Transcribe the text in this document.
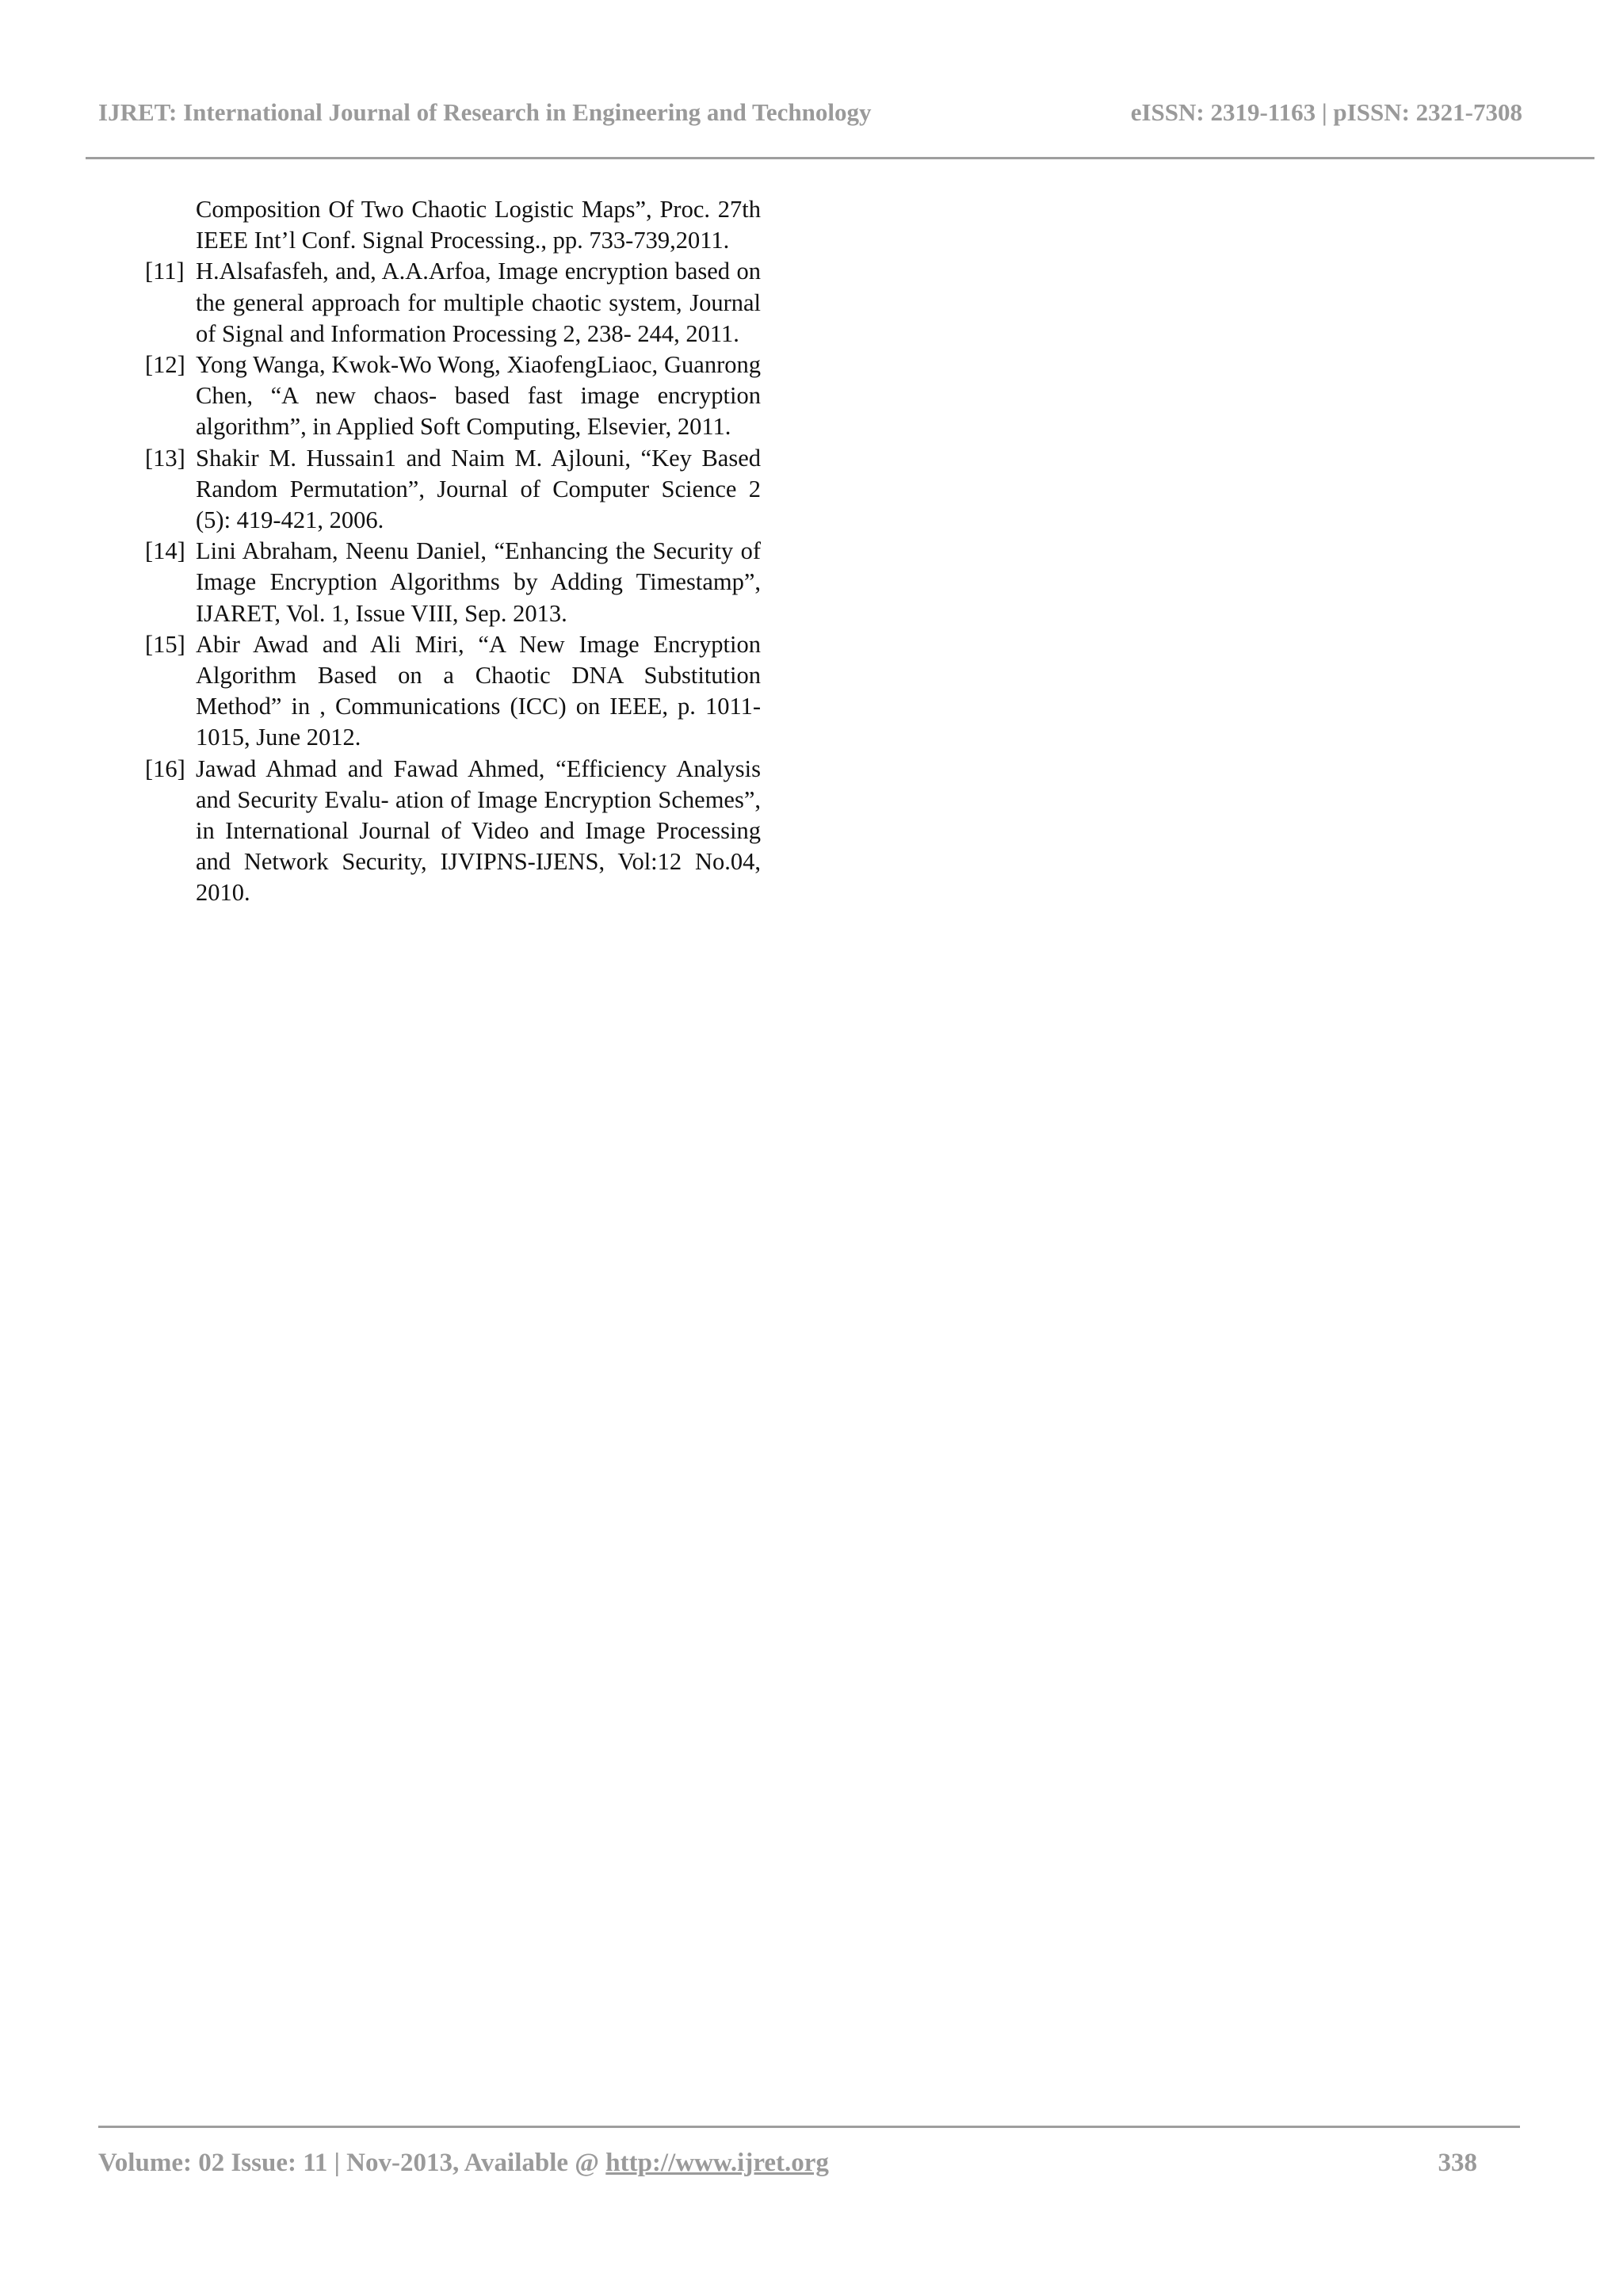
IJRET: International Journal of Research in Engineering and Technology	eISSN: 2319-1163 | pISSN: 2321-7308
Composition Of Two Chaotic Logistic Maps”, Proc. 27th IEEE Int’l Conf. Signal Processing., pp. 733-739,2011.
[11] H.Alsafasfeh, and, A.A.Arfoa, Image encryption based on the general approach for multiple chaotic system, Journal of Signal and Information Processing 2, 238- 244, 2011.
[12] Yong Wanga, Kwok-Wo Wong, XiaofengLiaoc, Guanrong Chen, “A new chaos- based fast image encryption algorithm”, in Applied Soft Computing, Elsevier, 2011.
[13] Shakir M. Hussain1 and Naim M. Ajlouni, “Key Based Random Permutation”, Journal of Computer Science 2 (5): 419-421, 2006.
[14] Lini Abraham, Neenu Daniel, “Enhancing the Security of Image Encryption Algorithms by Adding Timestamp”, IJARET, Vol. 1, Issue VIII, Sep. 2013.
[15] Abir Awad and Ali Miri, “A New Image Encryption Algorithm Based on a Chaotic DNA Substitution Method” in , Communications (ICC) on IEEE, p. 1011-1015, June 2012.
[16] Jawad Ahmad and Fawad Ahmed, “Efficiency Analysis and Security Evalu- ation of Image Encryption Schemes”, in International Journal of Video and Image Processing and Network Security, IJVIPNS-IJENS, Vol:12 No.04, 2010.
Volume: 02 Issue: 11 | Nov-2013, Available @ http://www.ijret.org	338
